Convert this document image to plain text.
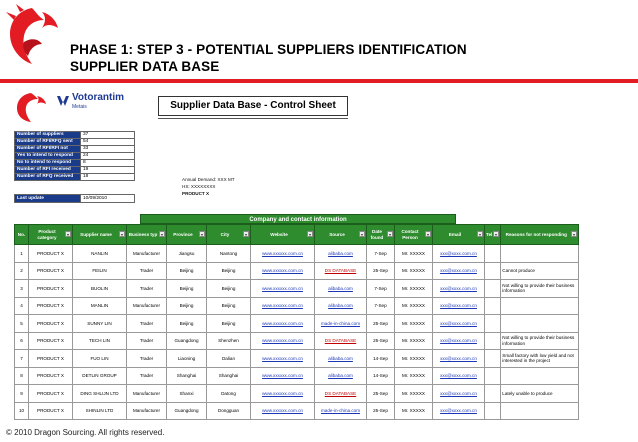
PHASE 1: STEP 3 - POTENTIAL SUPPLIERS IDENTIFICATION
SUPPLIER DATA BASE
Votorantim
Metais	Supplier Data Base - Control Sheet
Number of suppliers	37
Number of RFI/RFQ sent	54
Number of RFI/RFI not	33
Yes to intend to respond	24
No to intend to respond	8
Number of RFI received	19
Number of RFQ received	18
Last update	10/09/2010
Annual Demand: XXX MT
HS: XXXXXXXX
PRODUCT X
Company and contact information
No.	Product category	Supplier name	Business typ	Province	City	Website	Source	Date found	Contact Person	Email	Tel	Reasons for not responding

1	PRODUCT X	NANLIN	Manufacturer	Jiangsu	Nantong	www.xxxxxx.com.cn	alibaba.com	7-Sep	Mr. XXXXX	xxx@xxxx.com.cn		
2	PRODUCT X	FEILIN	Trader	Beijing	Beijing	www.xxxxxx.com.cn	DS DATABASE	25-Sep	Mr. XXXXX	xxx@xxxx.com.cn		Cannot produce
3	PRODUCT X	BUOLIN	Trader	Beijing	Beijing	www.xxxxxx.com.cn	alibaba.com	7-Sep	Mr. XXXXX	xxx@xxxx.com.cn		Not willing to provide their business information
4	PRODUCT X	MANLIN	Manufacturer	Beijing	Beijing	www.xxxxxx.com.cn	alibaba.com	7-Sep	Mr. XXXXX	xxx@xxxx.com.cn		
5	PRODUCT X	SUNNY LIN	Trader	Beijing	Beijing	www.xxxxxx.com.cn	made-in-china.com	25-Sep	Mr. XXXXX	xxx@xxxx.com.cn		
6	PRODUCT X	TECH LIN	Trader	Guangdong	Shenzhen	www.xxxxxx.com.cn	DS DATABASE	25-Sep	Mr. XXXXX	xxx@xxxx.com.cn		Not willing to provide their business information
7	PRODUCT X	FUO LIN	Trader	Liaoning	Dalian	www.xxxxxx.com.cn	alibaba.com	14-Sep	Mr. XXXXX	xxx@xxxx.com.cn		Small factory with low yield and not interested in the project
8	PRODUCT X	DETLIN GROUP	Trader	Shanghai	Shanghai	www.xxxxxx.com.cn	alibaba.com	14-Sep	Mr. XXXXX	xxx@xxxx.com.cn		
9	PRODUCT X	DING SHLIJN LTD	Manufacturer	Shanxi	Datong	www.xxxxxx.com.cn	DS DATABASE	25-Sep	Mr. XXXXX	xxx@xxxx.com.cn		Lately unable to produce
10	PRODUCT X	SHINLIN LTD	Manufacturer	Guangdong	Dongguan	www.xxxxxx.com.cn	made-in-china.com	25-Sep	Mr. XXXXX	xxx@xxxx.com.cn		
© 2010 Dragon Sourcing. All rights reserved.
